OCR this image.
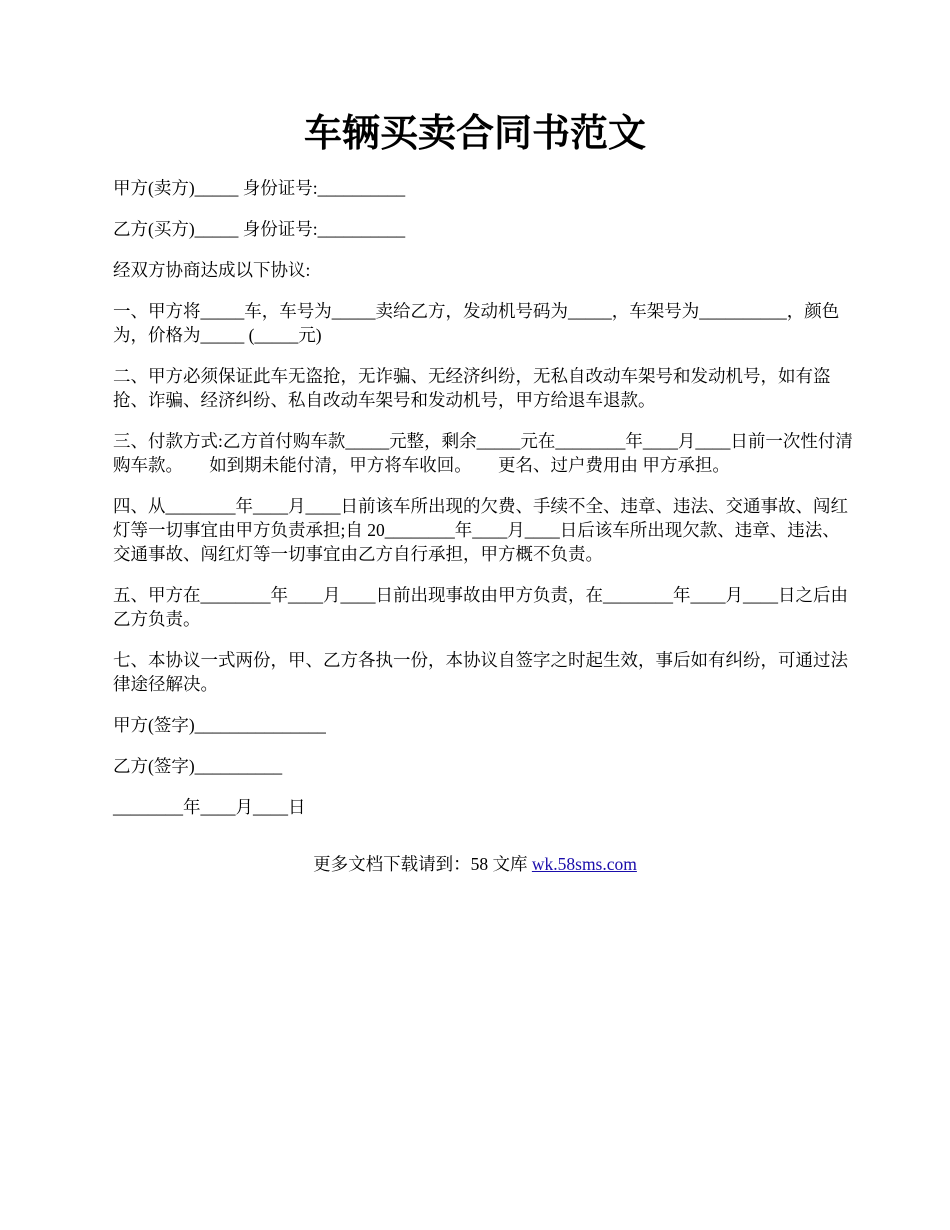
车辆买卖合同书范文

甲方(卖方)_____ 身份证号:__________

乙方(买方)_____ 身份证号:__________

经双方协商达成以下协议:

一、甲方将_____车，车号为_____卖给乙方，发动机号码为_____，车架号为__________，颜色为，价格为_____ (_____元)

二、甲方必须保证此车无盗抢，无诈骗、无经济纠纷，无私自改动车架号和发动机号，如有盗抢、诈骗、经济纠纷、私自改动车架号和发动机号，甲方给退车退款。

三、付款方式:乙方首付购车款_____元整，剩余_____元在________年____月____日前一次性付清购车款。　　如到期未能付清，甲方将车收回。　　更名、过户费用由 甲方承担。

四、从________年____月____日前该车所出现的欠费、手续不全、违章、违法、交通事故、闯红灯等一切事宜由甲方负责承担;自 20________年____月____日后该车所出现欠款、违章、违法、交通事故、闯红灯等一切事宜由乙方自行承担，甲方概不负责。

五、甲方在________年____月____日前出现事故由甲方负责，在________年____月____日之后由乙方负责。

七、本协议一式两份，甲、乙方各执一份，本协议自签字之时起生效，事后如有纠纷，可通过法律途径解决。

甲方(签字)_______________

乙方(签字)__________

________年____月____日

更多文档下载请到：58 文库 wk.58sms.com
